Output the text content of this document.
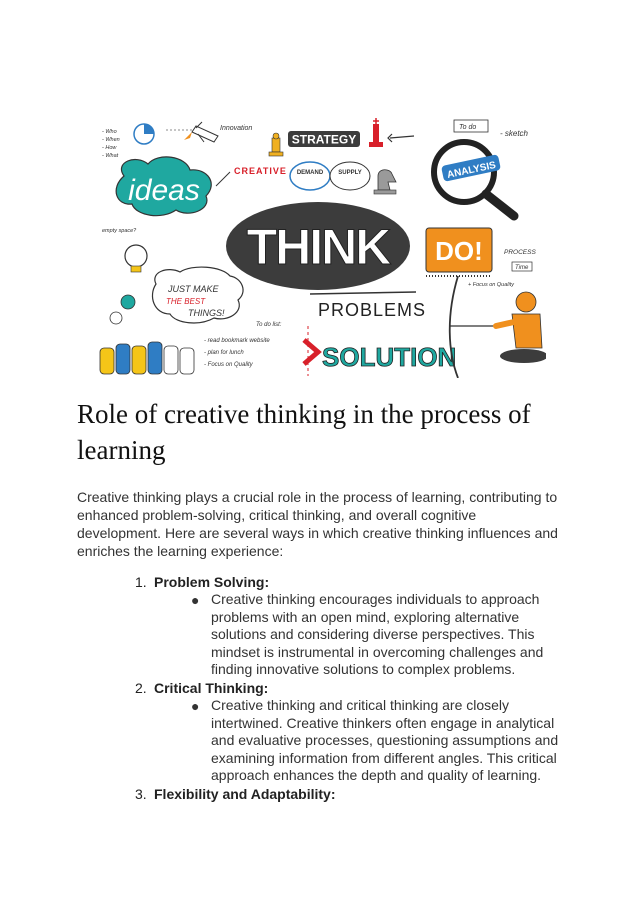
- Who
- When
- How
- What
Innovation
STRATEGY
To do
- sketch
ideas
CREATIVE DEMAND	SUPPLY	ANALYSIS
THINK DO!	PROCESS
Time
+ Focus on Quality
empty space?
JUST MAKE
THE BEST
THINGS!	PROBLEMS
To do list:
- read bookmark website
- plan for lunch
- Focus on Quality	SOLUTION
Role of creative thinking in the process of learning

Creative thinking plays a crucial role in the process of learning, contributing to enhanced problem-solving, critical thinking, and overall cognitive development. Here are several ways in which creative thinking influences and enriches the learning experience:

1. Problem Solving:
● Creative thinking encourages individuals to approach problems with an open mind, exploring alternative solutions and considering diverse perspectives. This mindset is instrumental in overcoming challenges and finding innovative solutions to complex problems.
2. Critical Thinking:
● Creative thinking and critical thinking are closely intertwined. Creative thinkers often engage in analytical and evaluative processes, questioning assumptions and examining information from different angles. This critical approach enhances the depth and quality of learning.
3. Flexibility and Adaptability:
